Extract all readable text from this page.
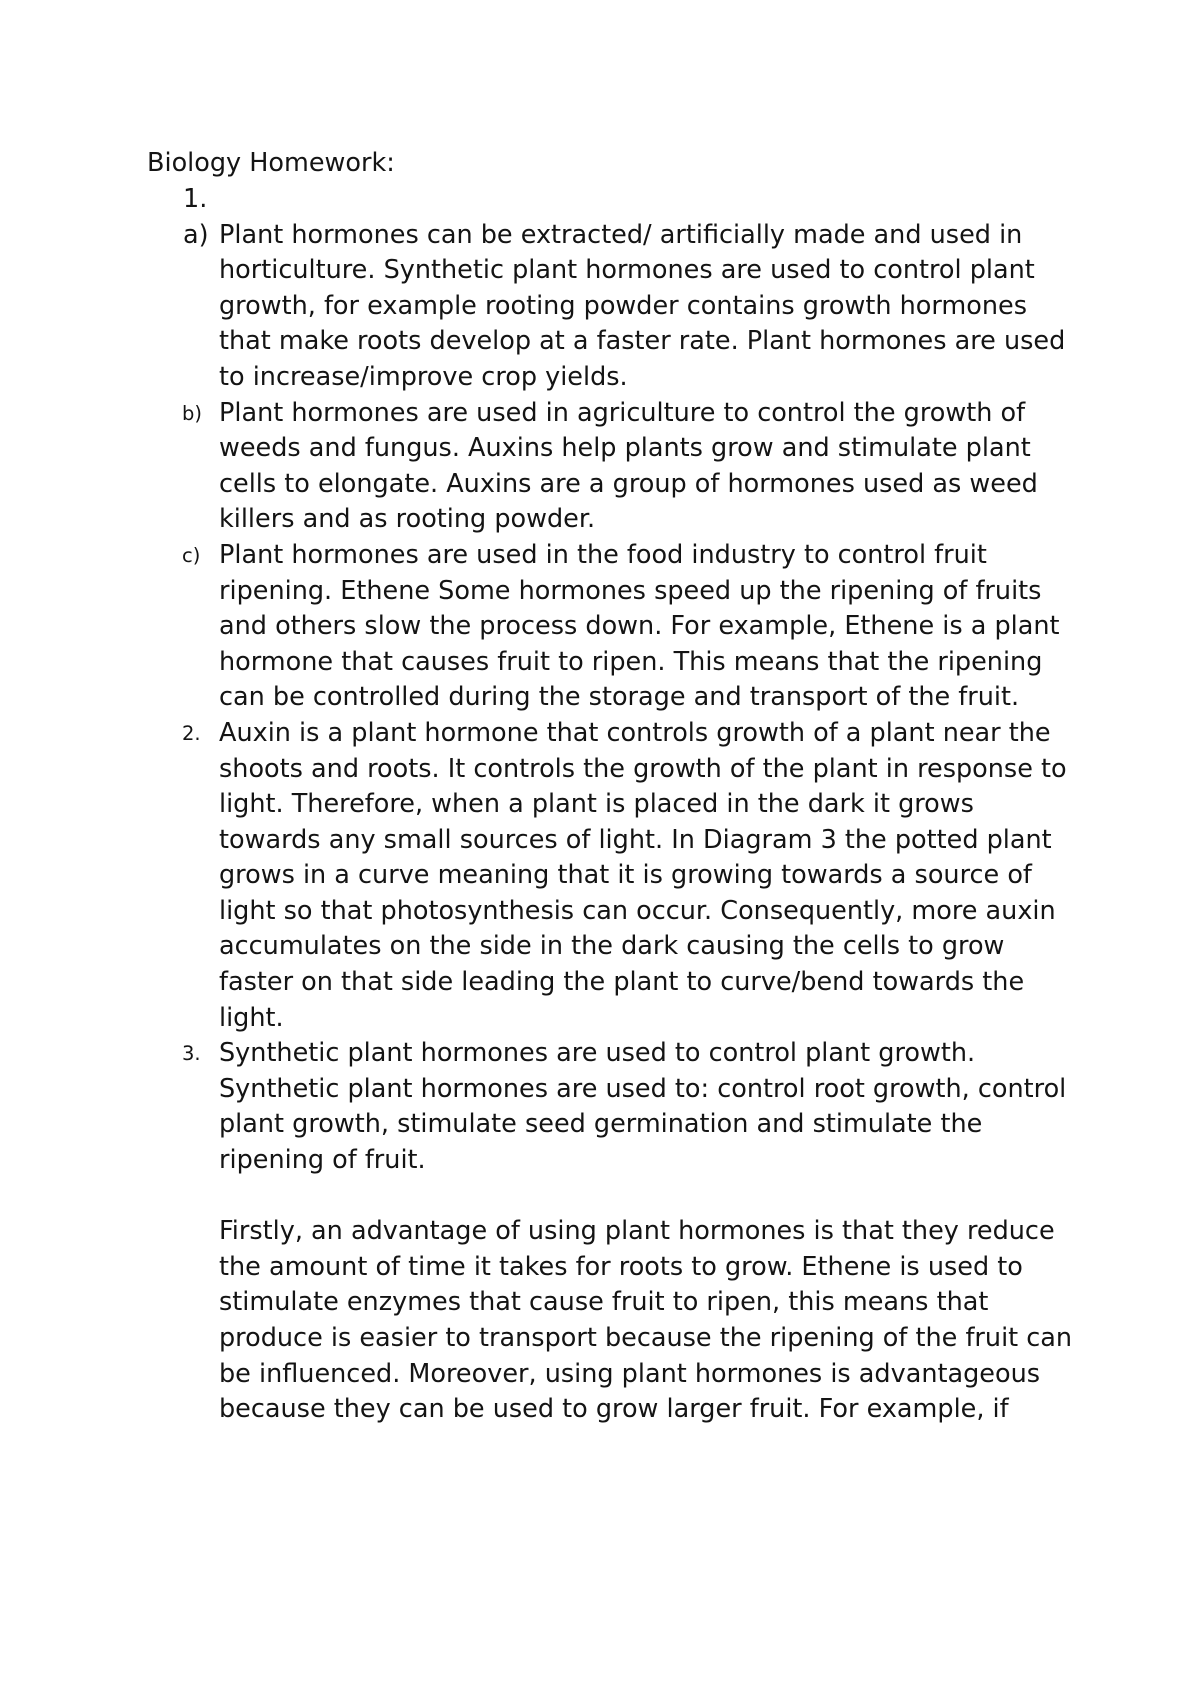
Biology Homework:
1.

a) Plant hormones can be extracted/ artificially made and used in horticulture. Synthetic plant hormones are used to control plant growth, for example rooting powder contains growth hormones that make roots develop at a faster rate. Plant hormones are used to increase/improve crop yields.

b) Plant hormones are used in agriculture to control the growth of weeds and fungus. Auxins help plants grow and stimulate plant cells to elongate. Auxins are a group of hormones used as weed killers and as rooting powder.

c) Plant hormones are used in the food industry to control fruit ripening. Ethene Some hormones speed up the ripening of fruits and others slow the process down. For example, Ethene is a plant hormone that causes fruit to ripen. This means that the ripening can be controlled during the storage and transport of the fruit.

2. Auxin is a plant hormone that controls growth of a plant near the shoots and roots. It controls the growth of the plant in response to light. Therefore, when a plant is placed in the dark it grows towards any small sources of light. In Diagram 3 the potted plant grows in a curve meaning that it is growing towards a source of light so that photosynthesis can occur. Consequently, more auxin accumulates on the side in the dark causing the cells to grow faster on that side leading the plant to curve/bend towards the light.

3. Synthetic plant hormones are used to control plant growth. Synthetic plant hormones are used to: control root growth, control plant growth, stimulate seed germination and stimulate the ripening of fruit.

Firstly, an advantage of using plant hormones is that they reduce the amount of time it takes for roots to grow. Ethene is used to stimulate enzymes that cause fruit to ripen, this means that produce is easier to transport because the ripening of the fruit can be influenced. Moreover, using plant hormones is advantageous because they can be used to grow larger fruit. For example, if
